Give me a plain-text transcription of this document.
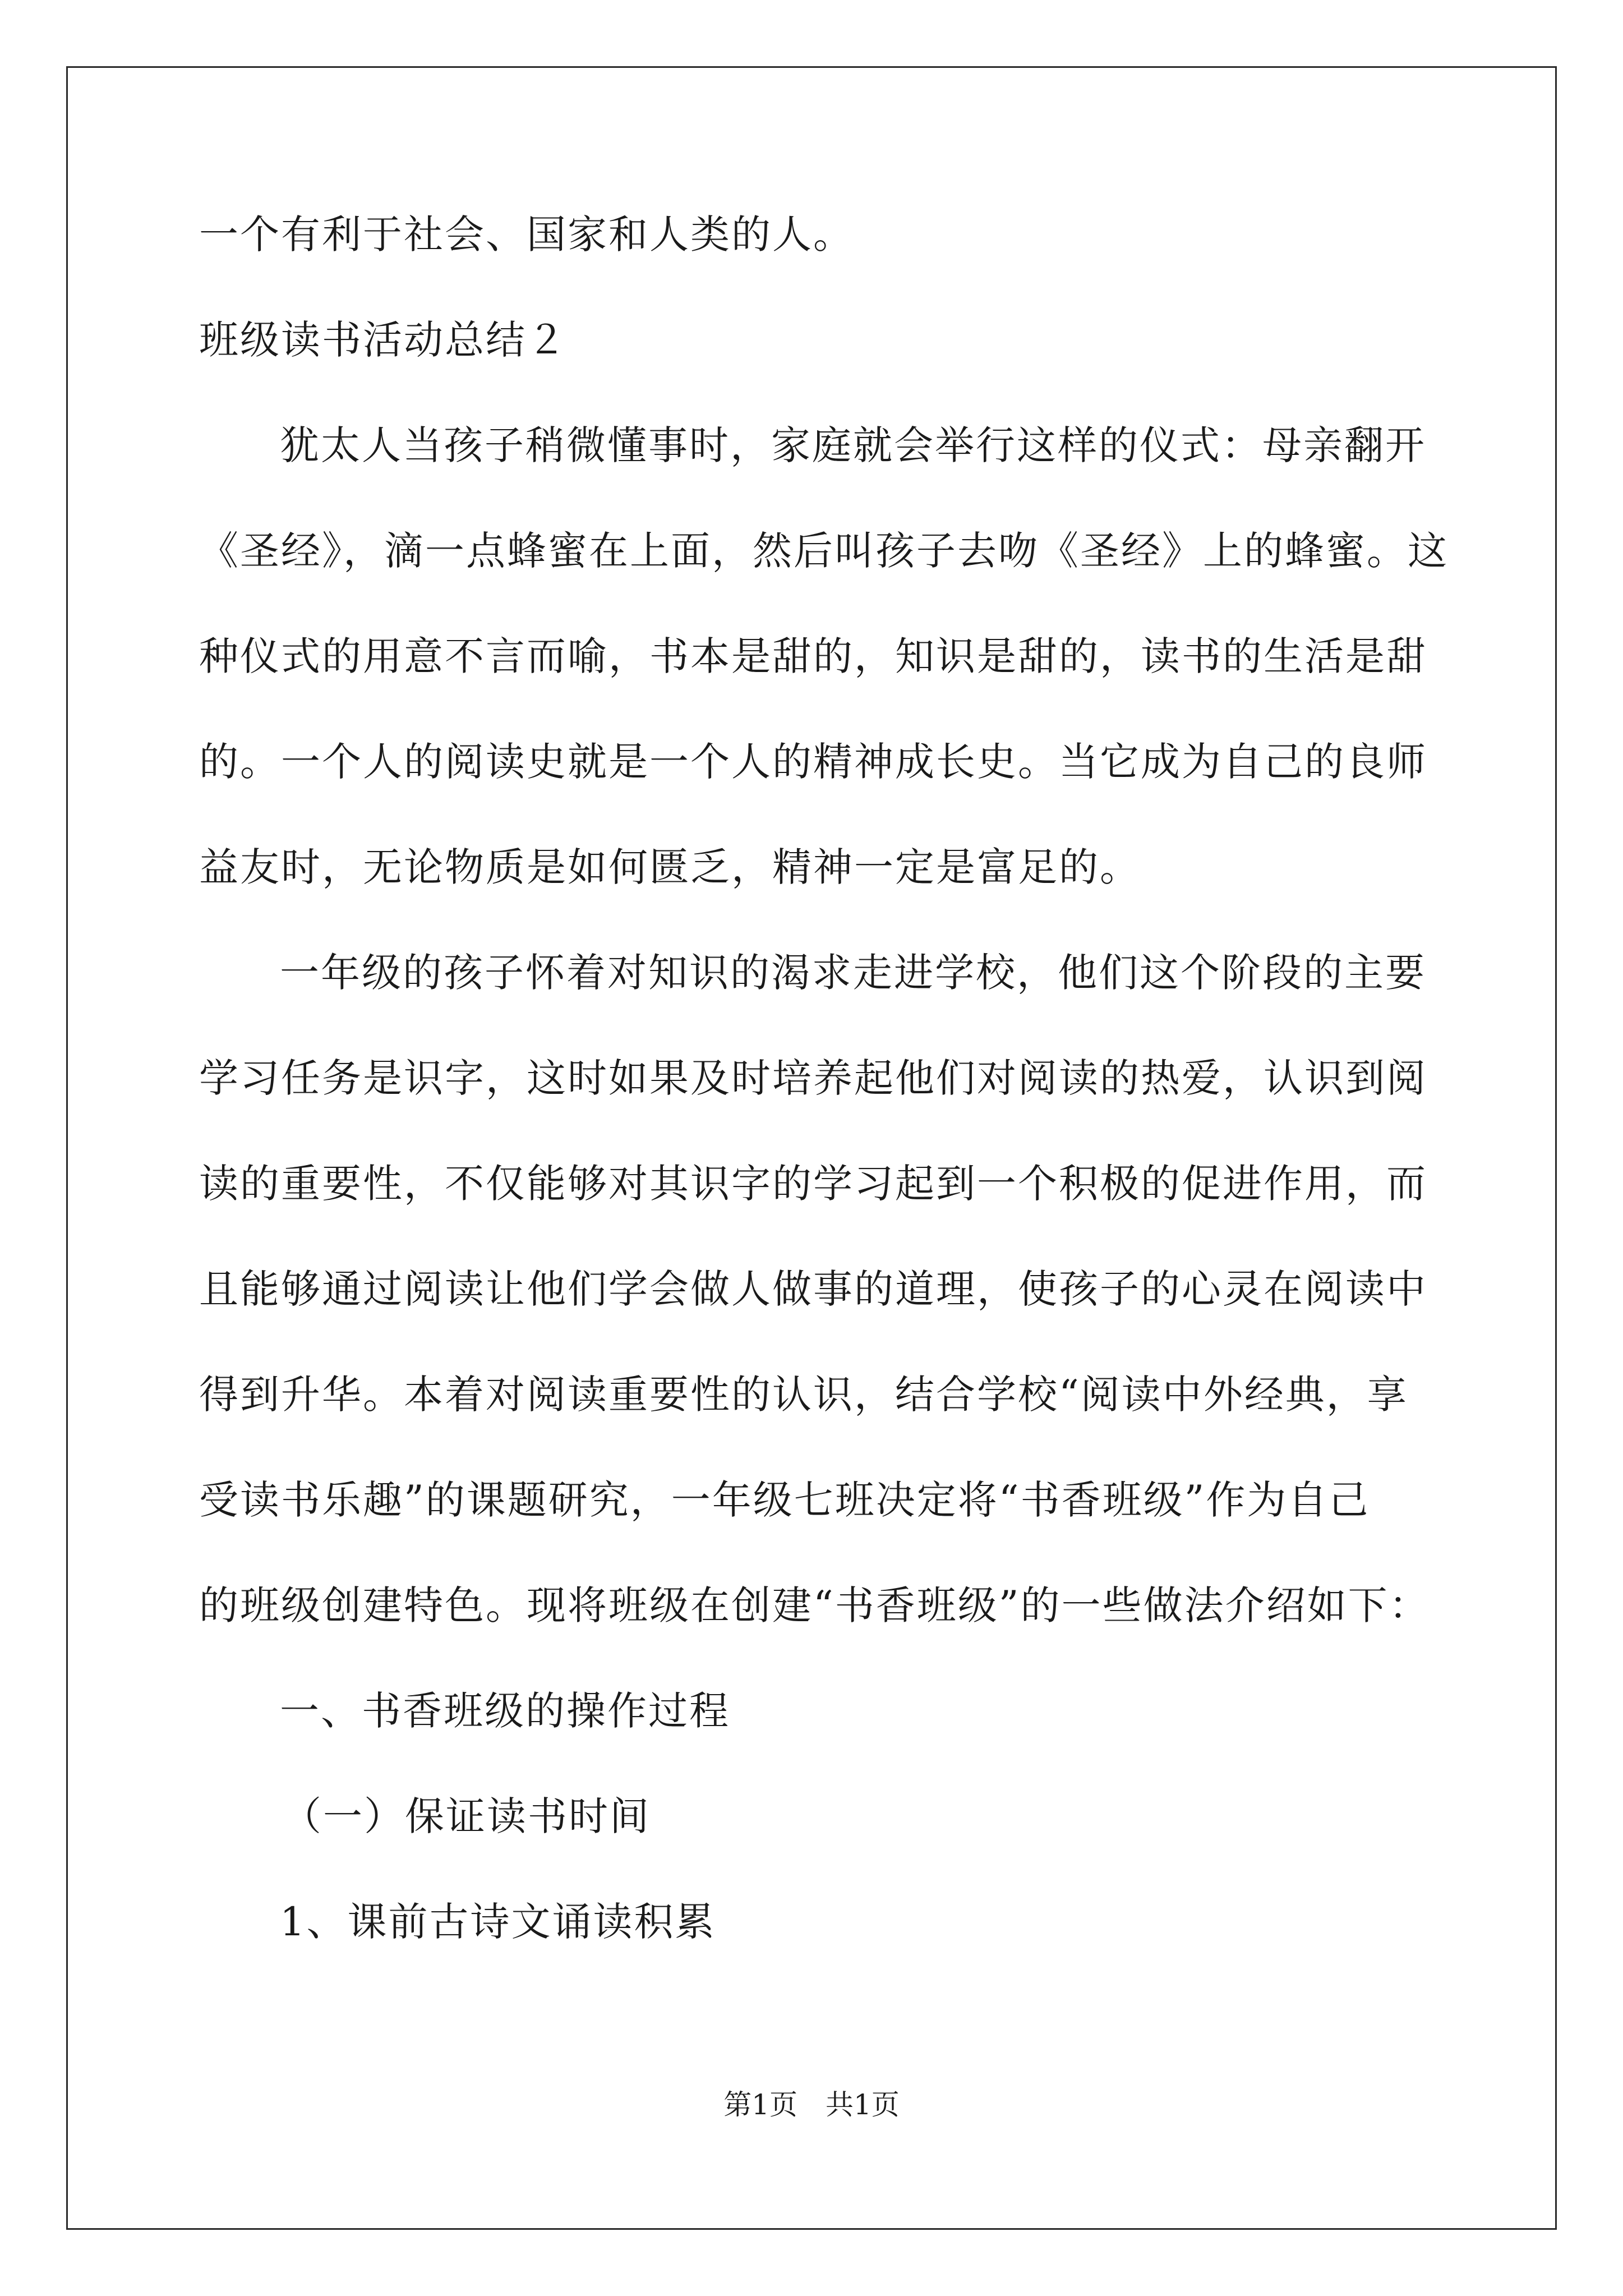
一个有利于社会、国家和人类的人。
班级读书活动总结２
犹太人当孩子稍微懂事时，家庭就会举行这样的仪式：母亲翻开
《圣经》，滴一点蜂蜜在上面，然后叫孩子去吻《圣经》上的蜂蜜。这
种仪式的用意不言而喻，书本是甜的，知识是甜的，读书的生活是甜
的。一个人的阅读史就是一个人的精神成长史。当它成为自己的良师
益友时，无论物质是如何匮乏，精神一定是富足的。
一年级的孩子怀着对知识的渴求走进学校，他们这个阶段的主要
学习任务是识字，这时如果及时培养起他们对阅读的热爱，认识到阅
读的重要性，不仅能够对其识字的学习起到一个积极的促进作用，而
且能够通过阅读让他们学会做人做事的道理，使孩子的心灵在阅读中
得到升华。本着对阅读重要性的认识，结合学校“阅读中外经典，享
受读书乐趣”的课题研究，一年级七班决定将“书香班级”作为自己
的班级创建特色。现将班级在创建“书香班级”的一些做法介绍如下：
一、书香班级的操作过程
（一）保证读书时间
1、课前古诗文诵读积累
第1页　共1页
